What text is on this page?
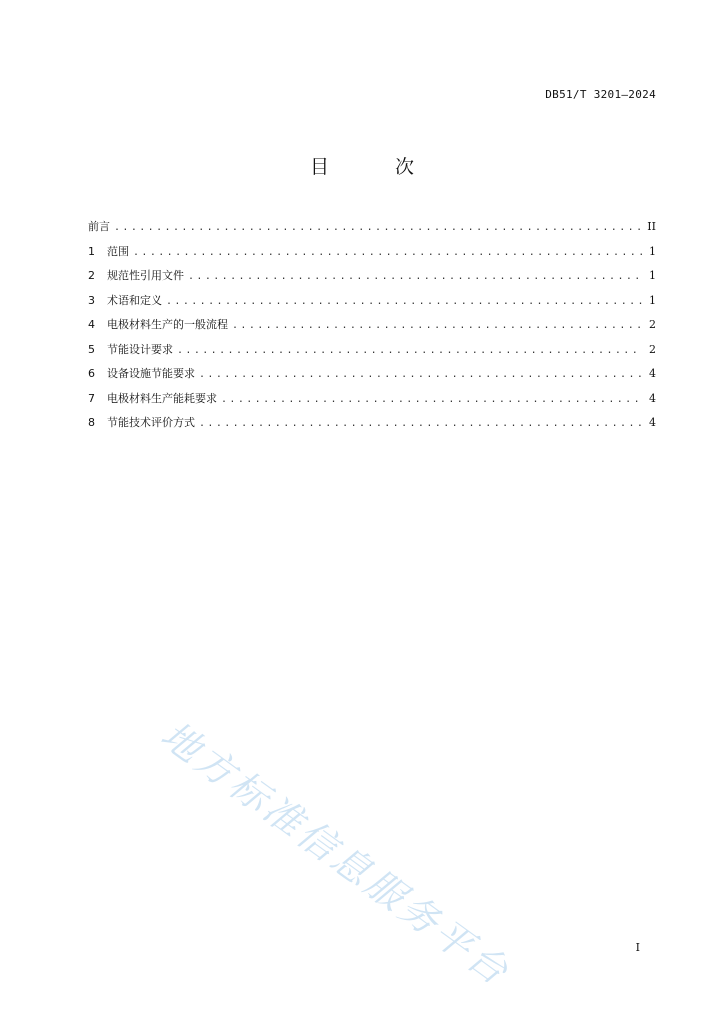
DB51/T 3201—2024
目 次
前言 .....	II
1	范围 .....	1
2	规范性引用文件 .....	1
3	术语和定义 .....	1
4	电极材料生产的一般流程 .....	2
5	节能设计要求 .....	2
6	设备设施节能要求 .....	4
7	电极材料生产能耗要求 .....	4
8	节能技术评价方式 .....	4
地方标准信息服务平台	I
